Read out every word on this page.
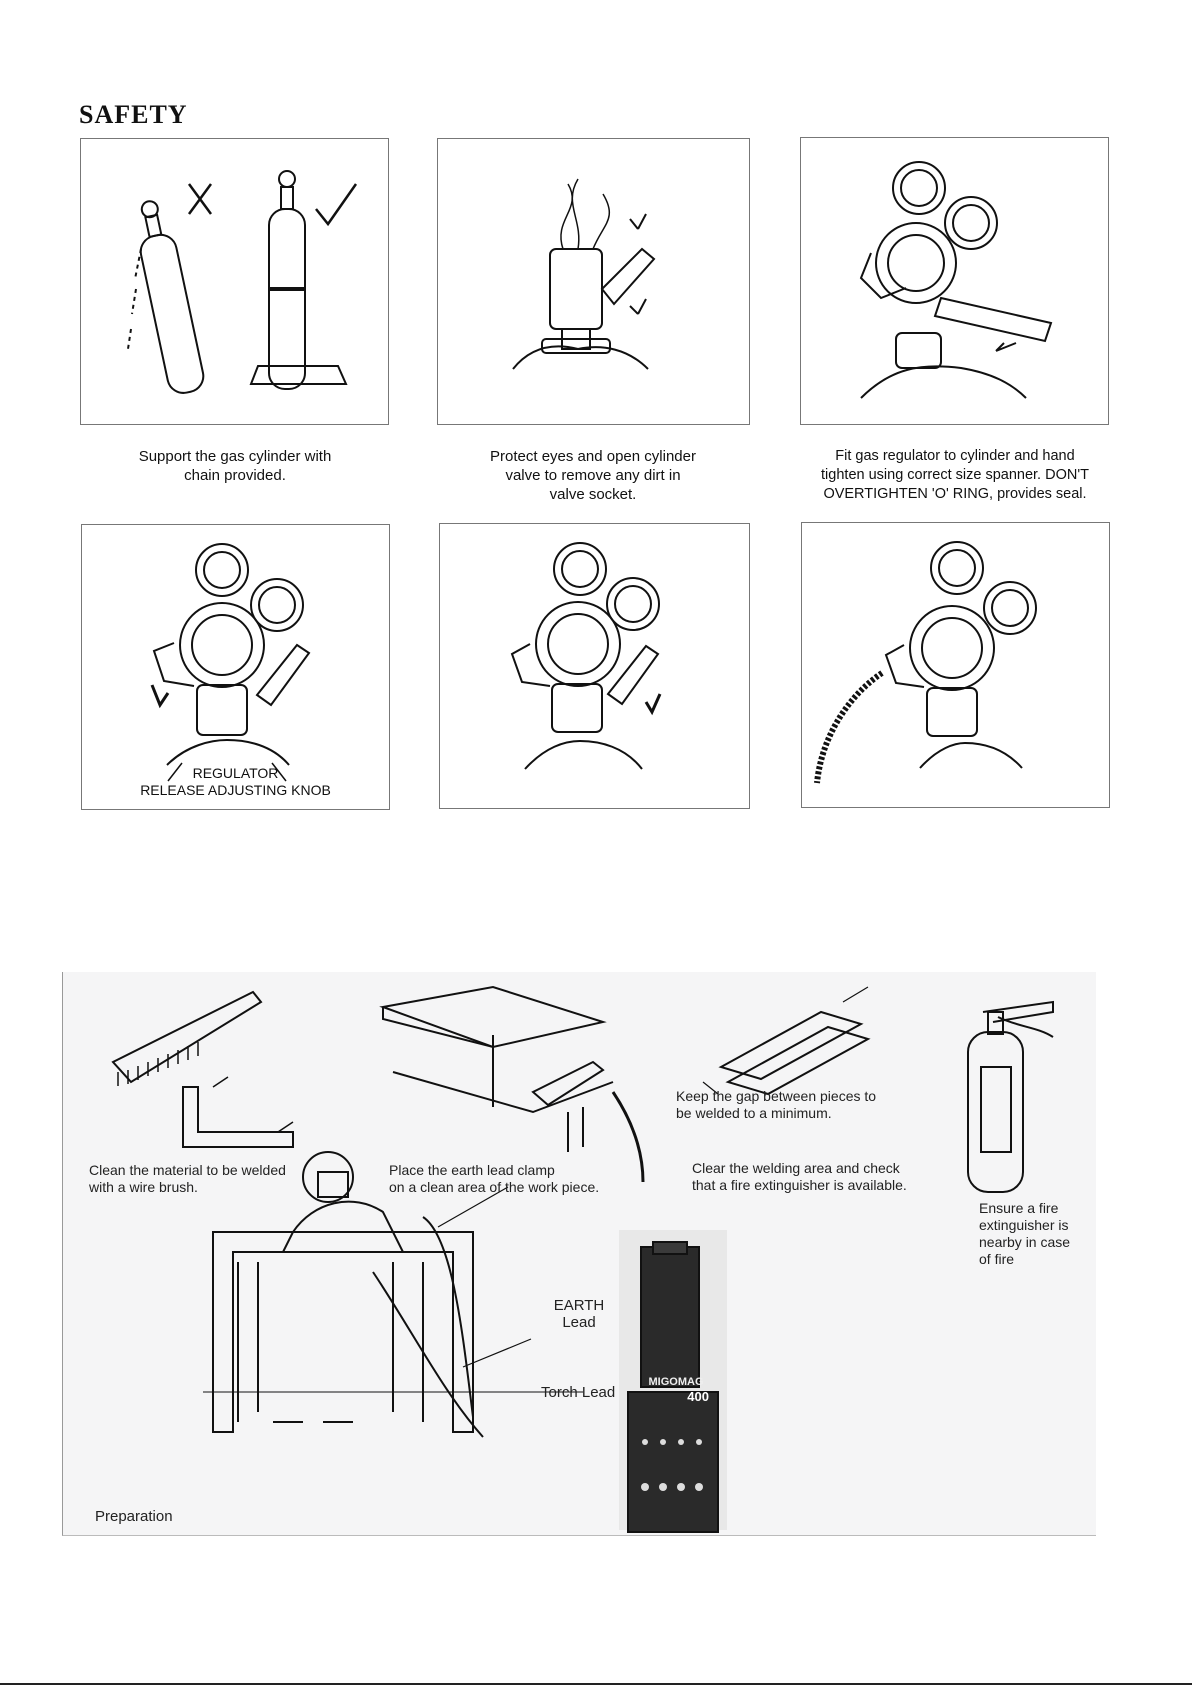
SAFETY
Support the gas cylinder with
chain provided.
Protect eyes and open cylinder
valve to remove any dirt in
valve socket.
Fit gas regulator to cylinder and hand
tighten using correct size spanner. DON'T
OVERTIGHTEN 'O' RING, provides seal.
REGULATOR
RELEASE ADJUSTING KNOB
Clean the material to be welded
with a wire brush.
Place the earth lead clamp
on a clean area of the work piece.
Keep the gap between pieces to
be welded to a minimum.
Clear the welding area and check
that a fire extinguisher is available.
Ensure a fire
extinguisher is
nearby in case
of fire
EARTH
Lead
Torch Lead
MIGOMAG
400
Preparation
